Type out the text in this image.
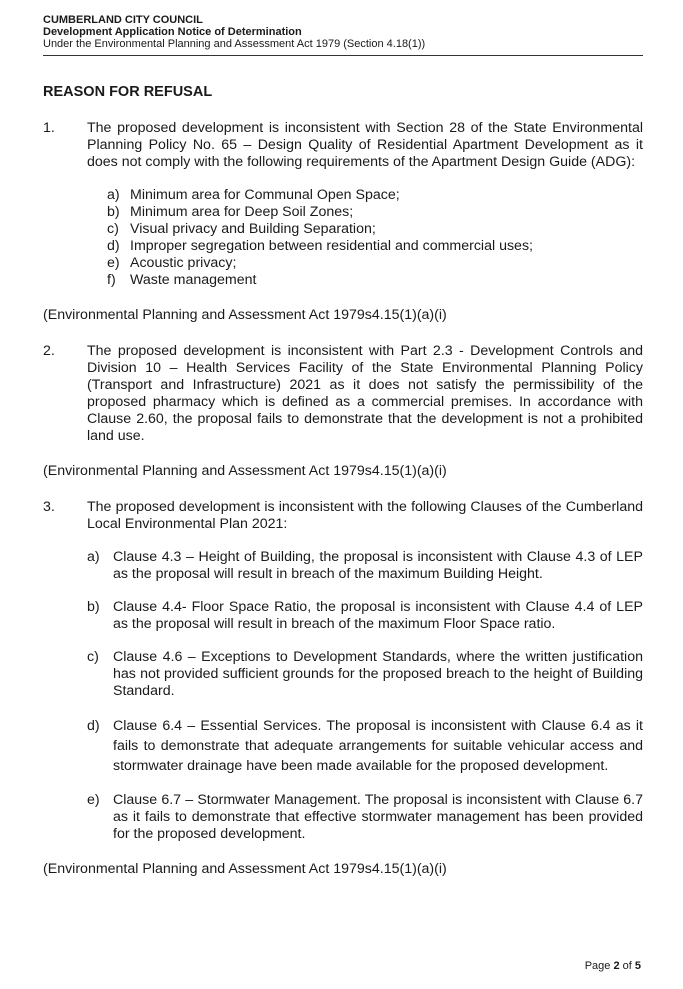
CUMBERLAND CITY COUNCIL
Development Application Notice of Determination
Under the Environmental Planning and Assessment Act 1979 (Section 4.18(1))
REASON FOR REFUSAL
1. The proposed development is inconsistent with Section 28 of the State Environmental Planning Policy No. 65 – Design Quality of Residential Apartment Development as it does not comply with the following requirements of the Apartment Design Guide (ADG):
a) Minimum area for Communal Open Space;
b) Minimum area for Deep Soil Zones;
c) Visual privacy and Building Separation;
d) Improper segregation between residential and commercial uses;
e) Acoustic privacy;
f) Waste management
(Environmental Planning and Assessment Act 1979s4.15(1)(a)(i)
2. The proposed development is inconsistent with Part 2.3 - Development Controls and Division 10 – Health Services Facility of the State Environmental Planning Policy (Transport and Infrastructure) 2021 as it does not satisfy the permissibility of the proposed pharmacy which is defined as a commercial premises. In accordance with Clause 2.60, the proposal fails to demonstrate that the development is not a prohibited land use.
(Environmental Planning and Assessment Act 1979s4.15(1)(a)(i)
3. The proposed development is inconsistent with the following Clauses of the Cumberland Local Environmental Plan 2021:
a) Clause 4.3 – Height of Building, the proposal is inconsistent with Clause 4.3 of LEP as the proposal will result in breach of the maximum Building Height.
b) Clause 4.4- Floor Space Ratio, the proposal is inconsistent with Clause 4.4 of LEP as the proposal will result in breach of the maximum Floor Space ratio.
c) Clause 4.6 – Exceptions to Development Standards, where the written justification has not provided sufficient grounds for the proposed breach to the height of Building Standard.
d) Clause 6.4 – Essential Services. The proposal is inconsistent with Clause 6.4 as it fails to demonstrate that adequate arrangements for suitable vehicular access and stormwater drainage have been made available for the proposed development.
e) Clause 6.7 – Stormwater Management. The proposal is inconsistent with Clause 6.7 as it fails to demonstrate that effective stormwater management has been provided for the proposed development.
(Environmental Planning and Assessment Act 1979s4.15(1)(a)(i)
Page 2 of 5
